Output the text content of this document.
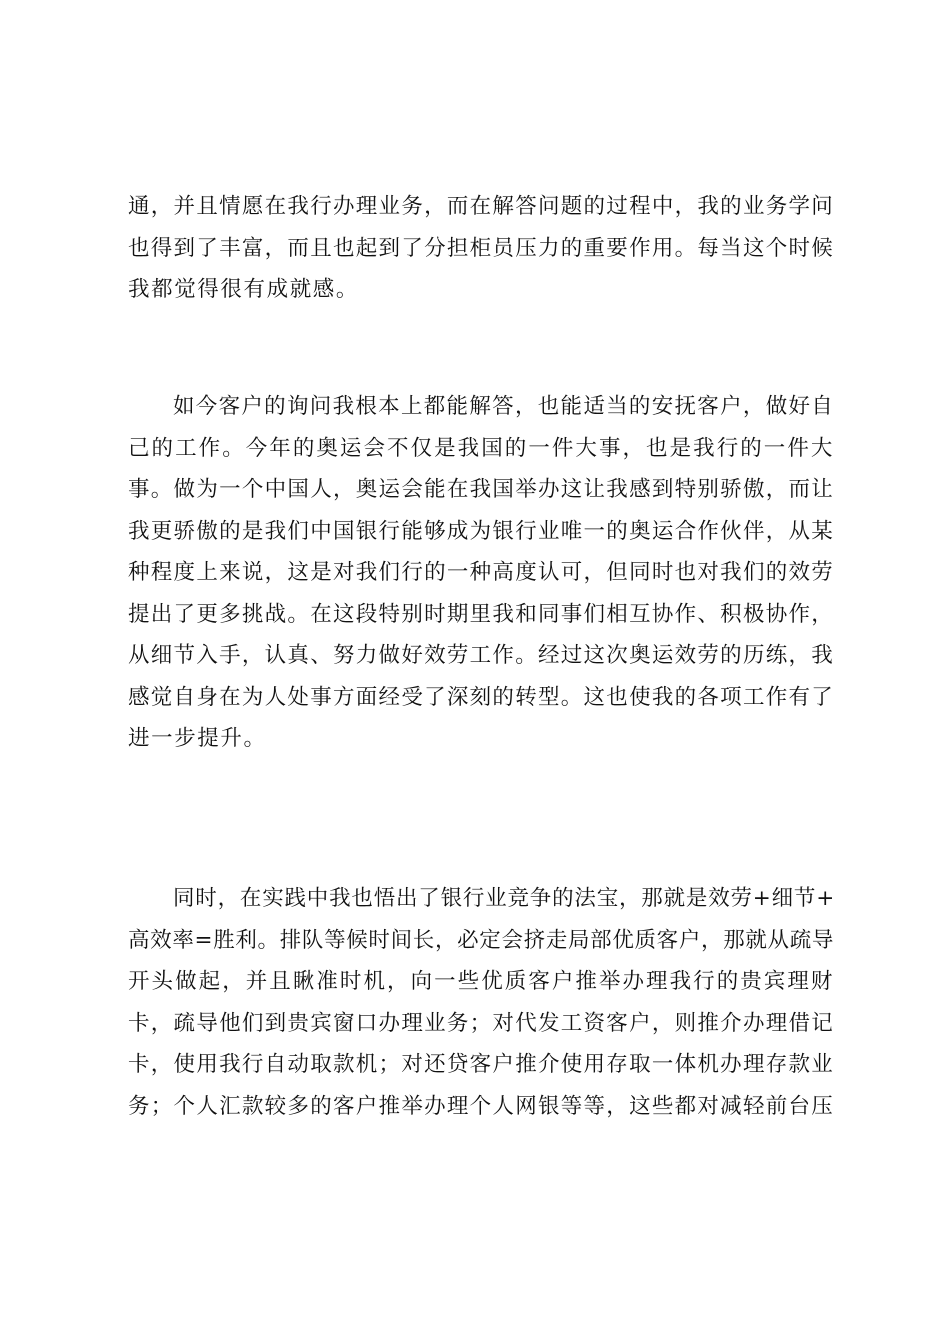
通，并且情愿在我行办理业务，而在解答问题的过程中，我的业务学问
也得到了丰富，而且也起到了分担柜员压力的重要作用。每当这个时候
我都觉得很有成就感。
如今客户的询问我根本上都能解答，也能适当的安抚客户，做好自
己的工作。今年的奥运会不仅是我国的一件大事，也是我行的一件大
事。做为一个中国人，奥运会能在我国举办这让我感到特别骄傲，而让
我更骄傲的是我们中国银行能够成为银行业唯一的奥运合作伙伴，从某
种程度上来说，这是对我们行的一种高度认可，但同时也对我们的效劳
提出了更多挑战。在这段特别时期里我和同事们相互协作、积极协作，
从细节入手，认真、努力做好效劳工作。经过这次奥运效劳的历练，我
感觉自身在为人处事方面经受了深刻的转型。这也使我的各项工作有了
进一步提升。
同时，在实践中我也悟出了银行业竞争的法宝，那就是效劳+细节+
高效率=胜利。排队等候时间长，必定会挤走局部优质客户，那就从疏导
开头做起，并且瞅准时机，向一些优质客户推举办理我行的贵宾理财
卡，疏导他们到贵宾窗口办理业务；对代发工资客户，则推介办理借记
卡，使用我行自动取款机；对还贷客户推介使用存取一体机办理存款业
务；个人汇款较多的客户推举办理个人网银等等，这些都对减轻前台压
